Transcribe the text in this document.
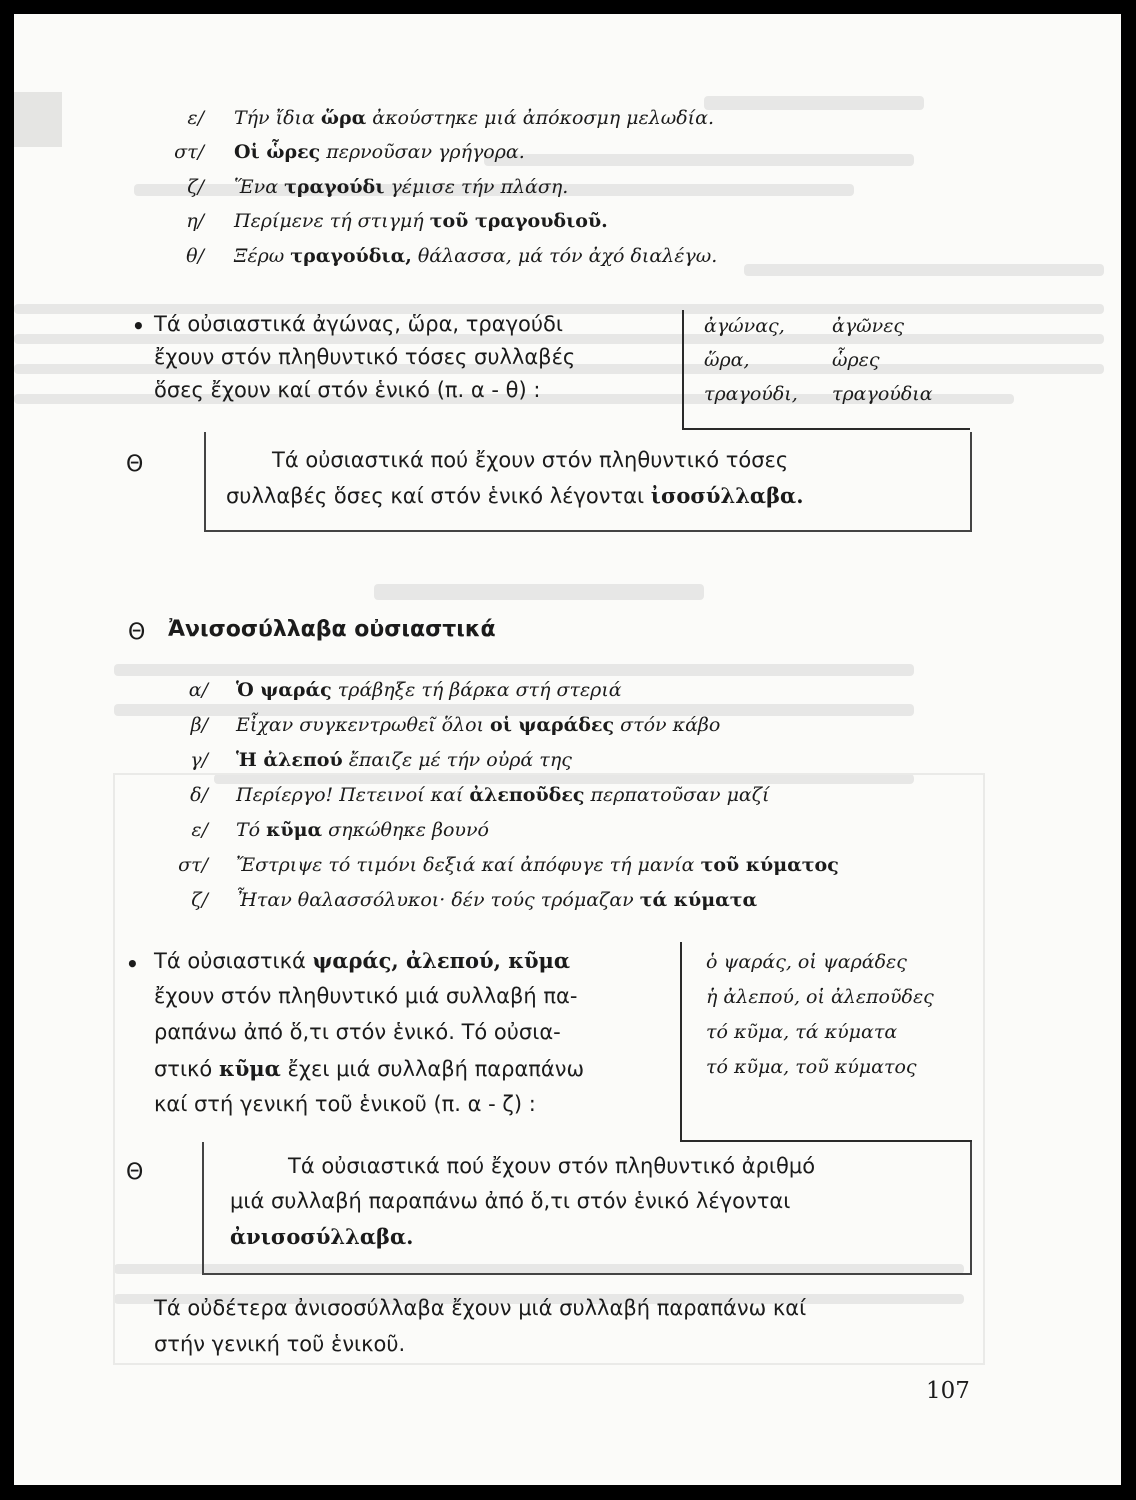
ε/ Τήν ἴδια ὥρα ἀκούστηκε μιά ἀπόκοσμη μελωδία.
στ/ Οἱ ὧρες περνοῦσαν γρήγορα.
ζ/ Ἕνα τραγούδι γέμισε τήν πλάση.
η/ Περίμενε τή στιγμή τοῦ τραγουδιοῦ.
θ/ Ξέρω τραγούδια, θάλασσα, μά τόν ἀχό διαλέγω.
• Τά οὐσιαστικά ἀγώνας, ὥρα, τραγούδι
ἔχουν στόν πληθυντικό τόσες συλλαβές
ὅσες ἔχουν καί στόν ἑνικό (π. α - θ) :
ἀγώνας, ἀγῶνες
ὥρα,	ὧρες
τραγούδι, τραγούδια
Θ	Τά οὐσιαστικά πού ἔχουν στόν πληθυντικό τόσες
συλλαβές ὅσες καί στόν ἑνικό λέγονται ἰσοσύλλαβα.
Θ Ἀνισοσύλλαβα οὐσιαστικά
α/ Ὁ ψαράς τράβηξε τή βάρκα στή στεριά
β/ Εἶχαν συγκεντρωθεῖ ὅλοι οἱ ψαράδες στόν κάβο
γ/ Ἡ ἀλεπού ἔπαιζε μέ τήν οὐρά της
δ/ Περίεργο! Πετεινοί καί ἀλεποῦδες περπατοῦσαν μαζί
ε/ Τό κῦμα σηκώθηκε βουνό
στ/ Ἔστριψε τό τιμόνι δεξιά καί ἀπόφυγε τή μανία τοῦ κύματος
ζ/ Ἦταν θαλασσόλυκοι· δέν τούς τρόμαζαν τά κύματα
• Τά οὐσιαστικά ψαράς, ἀλεπού, κῦμα
ἔχουν στόν πληθυντικό μιά συλλαβή πα-
ραπάνω ἀπό ὅ,τι στόν ἑνικό. Τό οὐσια-
στικό κῦμα ἔχει μιά συλλαβή παραπάνω
καί στή γενική τοῦ ἑνικοῦ (π. α - ζ) :
ὁ ψαράς, οἱ ψαράδες
ἡ ἀλεπού, οἱ ἀλεποῦδες
τό κῦμα, τά κύματα
τό κῦμα, τοῦ κύματος
Θ	Τά οὐσιαστικά πού ἔχουν στόν πληθυντικό ἀριθμό
μιά συλλαβή παραπάνω ἀπό ὅ,τι στόν ἑνικό λέγονται
ἀνισοσύλλαβα.
Τά οὐδέτερα ἀνισοσύλλαβα ἔχουν μιά συλλαβή παραπάνω καί
στήν γενική τοῦ ἑνικοῦ.
107
